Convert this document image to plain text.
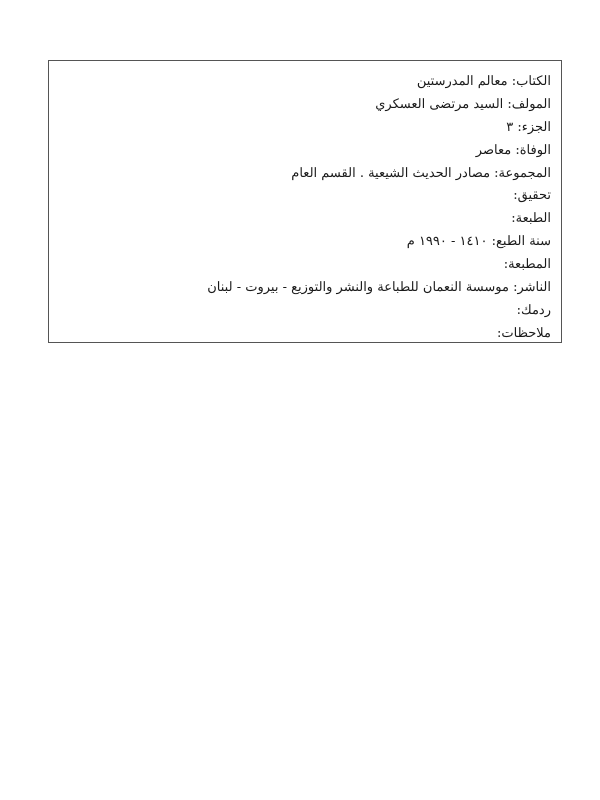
الكتاب: معالم المدرستين
المولف: السيد مرتضى العسكري
الجزء: ٣
الوفاة: معاصر
المجموعة: مصادر الحديث الشيعية . القسم العام
تحقيق:
الطبعة:
سنة الطبع: ١٤١٠ - ١٩٩٠ م
المطبعة:
الناشر: موسسة النعمان للطباعة والنشر والتوزيع - بيروت - لبنان
ردمك:
ملاحظات:
